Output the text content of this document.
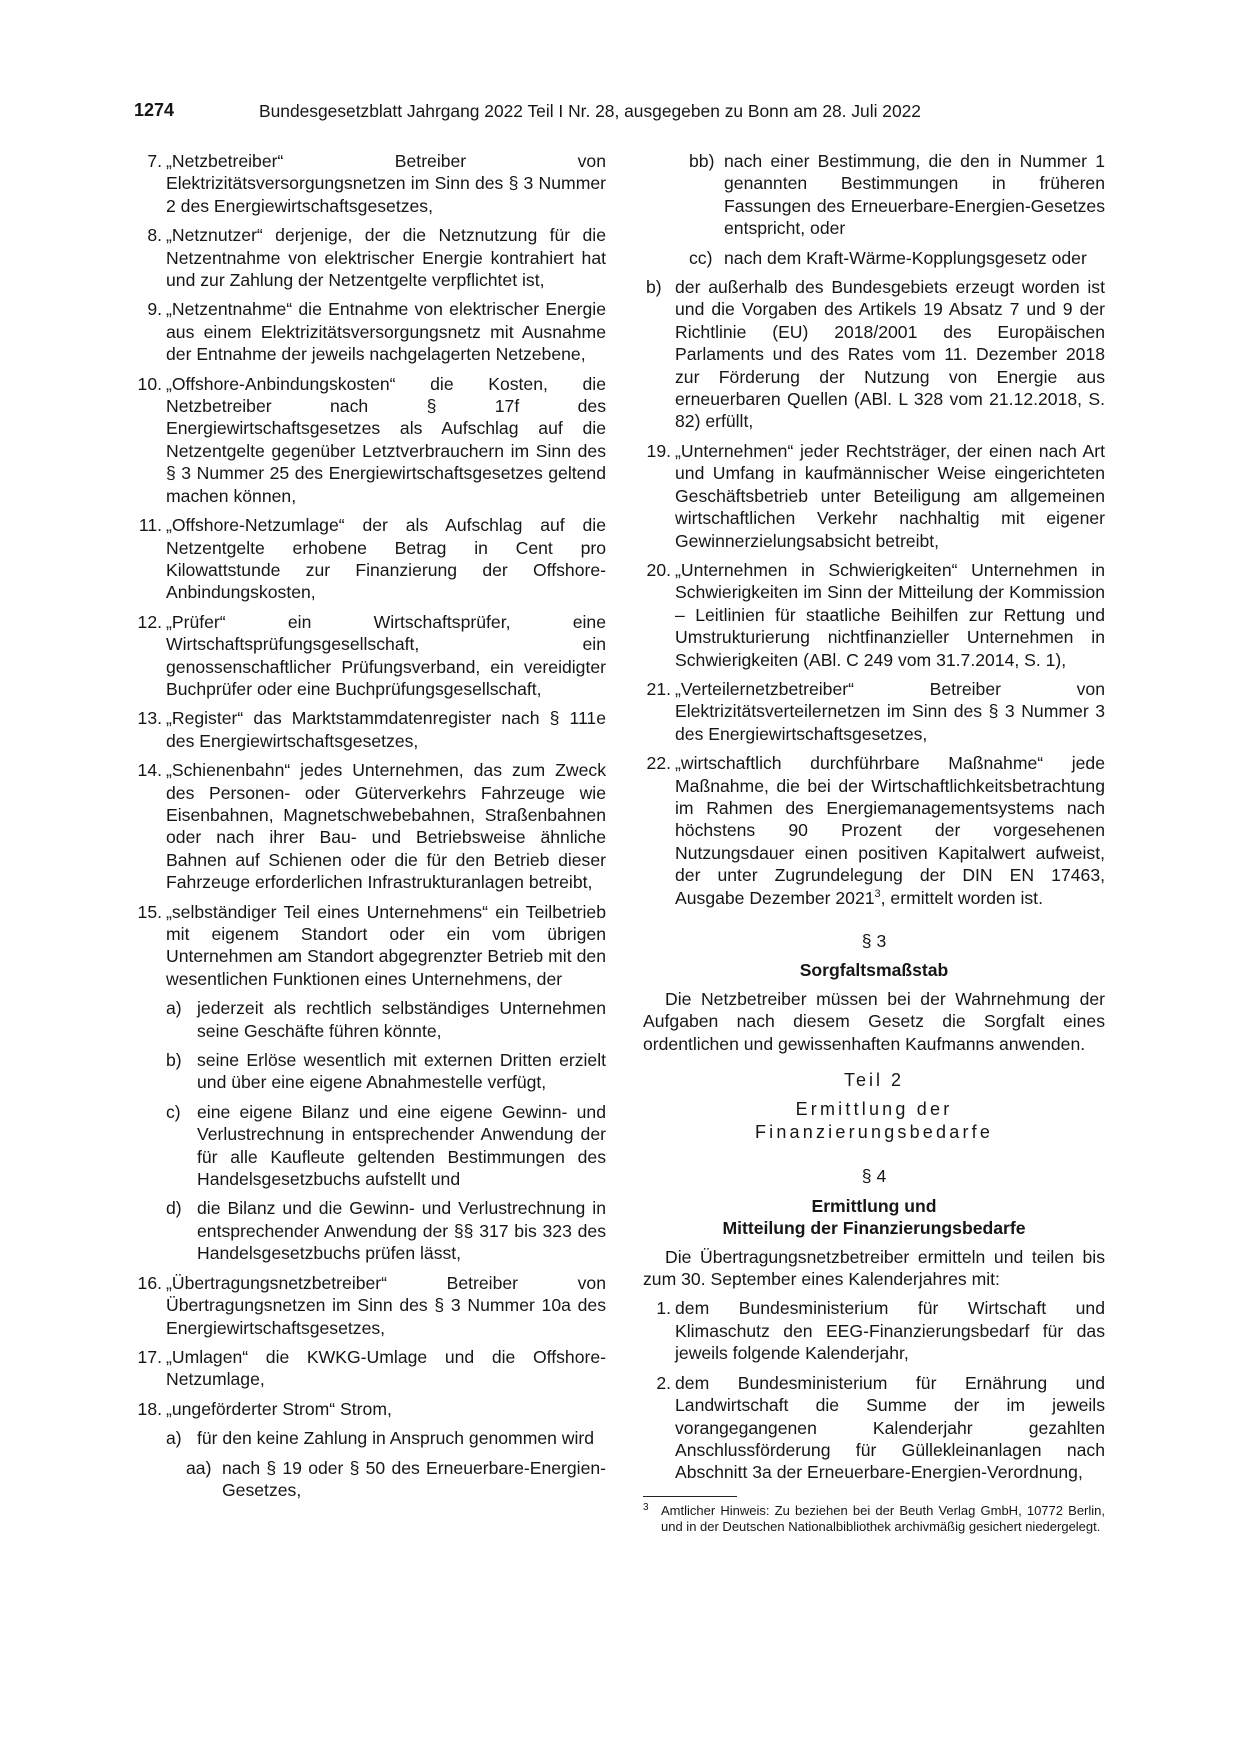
1274	Bundesgesetzblatt Jahrgang 2022 Teil I Nr. 28, ausgegeben zu Bonn am 28. Juli 2022
7. „Netzbetreiber“ Betreiber von Elektrizitätsversorgungsnetzen im Sinn des § 3 Nummer 2 des Energiewirtschaftsgesetzes,
8. „Netznutzer“ derjenige, der die Netznutzung für die Netzentnahme von elektrischer Energie kontrahiert hat und zur Zahlung der Netzentgelte verpflichtet ist,
9. „Netzentnahme“ die Entnahme von elektrischer Energie aus einem Elektrizitätsversorgungsnetz mit Ausnahme der Entnahme der jeweils nachgelagerten Netzebene,
10. „Offshore-Anbindungskosten“ die Kosten, die Netzbetreiber nach § 17f des Energiewirtschaftsgesetzes als Aufschlag auf die Netzentgelte gegenüber Letztverbrauchern im Sinn des § 3 Nummer 25 des Energiewirtschaftsgesetzes geltend machen können,
11. „Offshore-Netzumlage“ der als Aufschlag auf die Netzentgelte erhobene Betrag in Cent pro Kilowattstunde zur Finanzierung der Offshore-Anbindungskosten,
12. „Prüfer“ ein Wirtschaftsprüfer, eine Wirtschaftsprüfungsgesellschaft, ein genossenschaftlicher Prüfungsverband, ein vereidigter Buchprüfer oder eine Buchprüfungsgesellschaft,
13. „Register“ das Marktstammdatenregister nach § 111e des Energiewirtschaftsgesetzes,
14. „Schienenbahn“ jedes Unternehmen, das zum Zweck des Personen- oder Güterverkehrs Fahrzeuge wie Eisenbahnen, Magnetschwebebahnen, Straßenbahnen oder nach ihrer Bau- und Betriebsweise ähnliche Bahnen auf Schienen oder die für den Betrieb dieser Fahrzeuge erforderlichen Infrastrukturanlagen betreibt,
15. „selbständiger Teil eines Unternehmens“ ein Teilbetrieb mit eigenem Standort oder ein vom übrigen Unternehmen am Standort abgegrenzter Betrieb mit den wesentlichen Funktionen eines Unternehmens, der
a) jederzeit als rechtlich selbständiges Unternehmen seine Geschäfte führen könnte,
b) seine Erlöse wesentlich mit externen Dritten erzielt und über eine eigene Abnahmestelle verfügt,
c) eine eigene Bilanz und eine eigene Gewinn- und Verlustrechnung in entsprechender Anwendung der für alle Kaufleute geltenden Bestimmungen des Handelsgesetzbuchs aufstellt und
d) die Bilanz und die Gewinn- und Verlustrechnung in entsprechender Anwendung der §§ 317 bis 323 des Handelsgesetzbuchs prüfen lässt,
16. „Übertragungsnetzbetreiber“ Betreiber von Übertragungsnetzen im Sinn des § 3 Nummer 10a des Energiewirtschaftsgesetzes,
17. „Umlagen“ die KWKG-Umlage und die Offshore-Netzumlage,
18. „ungeförderter Strom“ Strom,
a) für den keine Zahlung in Anspruch genommen wird
aa) nach § 19 oder § 50 des Erneuerbare-Energien-Gesetzes,
bb) nach einer Bestimmung, die den in Nummer 1 genannten Bestimmungen in früheren Fassungen des Erneuerbare-Energien-Gesetzes entspricht, oder
cc) nach dem Kraft-Wärme-Kopplungsgesetz oder
b) der außerhalb des Bundesgebiets erzeugt worden ist und die Vorgaben des Artikels 19 Absatz 7 und 9 der Richtlinie (EU) 2018/2001 des Europäischen Parlaments und des Rates vom 11. Dezember 2018 zur Förderung der Nutzung von Energie aus erneuerbaren Quellen (ABl. L 328 vom 21.12.2018, S. 82) erfüllt,
19. „Unternehmen“ jeder Rechtsträger, der einen nach Art und Umfang in kaufmännischer Weise eingerichteten Geschäftsbetrieb unter Beteiligung am allgemeinen wirtschaftlichen Verkehr nachhaltig mit eigener Gewinnerzielungsabsicht betreibt,
20. „Unternehmen in Schwierigkeiten“ Unternehmen in Schwierigkeiten im Sinn der Mitteilung der Kommission – Leitlinien für staatliche Beihilfen zur Rettung und Umstrukturierung nichtfinanzieller Unternehmen in Schwierigkeiten (ABl. C 249 vom 31.7.2014, S. 1),
21. „Verteilernetzbetreiber“ Betreiber von Elektrizitätsverteilernetzen im Sinn des § 3 Nummer 3 des Energiewirtschaftsgesetzes,
22. „wirtschaftlich durchführbare Maßnahme“ jede Maßnahme, die bei der Wirtschaftlichkeitsbetrachtung im Rahmen des Energiemanagementsystems nach höchstens 90 Prozent der vorgesehenen Nutzungsdauer einen positiven Kapitalwert aufweist, der unter Zugrundelegung der DIN EN 17463, Ausgabe Dezember 2021$^3$, ermittelt worden ist.
§ 3
Sorgfaltsmaßstab
Die Netzbetreiber müssen bei der Wahrnehmung der Aufgaben nach diesem Gesetz die Sorgfalt eines ordentlichen und gewissenhaften Kaufmanns anwenden.
Teil 2
Ermittlung der
Finanzierungsbedarfe
§ 4
Ermittlung und
Mitteilung der Finanzierungsbedarfe
Die Übertragungsnetzbetreiber ermitteln und teilen bis zum 30. September eines Kalenderjahres mit:
1. dem Bundesministerium für Wirtschaft und Klimaschutz den EEG-Finanzierungsbedarf für das jeweils folgende Kalenderjahr,
2. dem Bundesministerium für Ernährung und Landwirtschaft die Summe der im jeweils vorangegangenen Kalenderjahr gezahlten Anschlussförderung für Güllekleinanlagen nach Abschnitt 3a der Erneuerbare-Energien-Verordnung,
3 Amtlicher Hinweis: Zu beziehen bei der Beuth Verlag GmbH, 10772 Berlin, und in der Deutschen Nationalbibliothek archivmäßig gesichert niedergelegt.
